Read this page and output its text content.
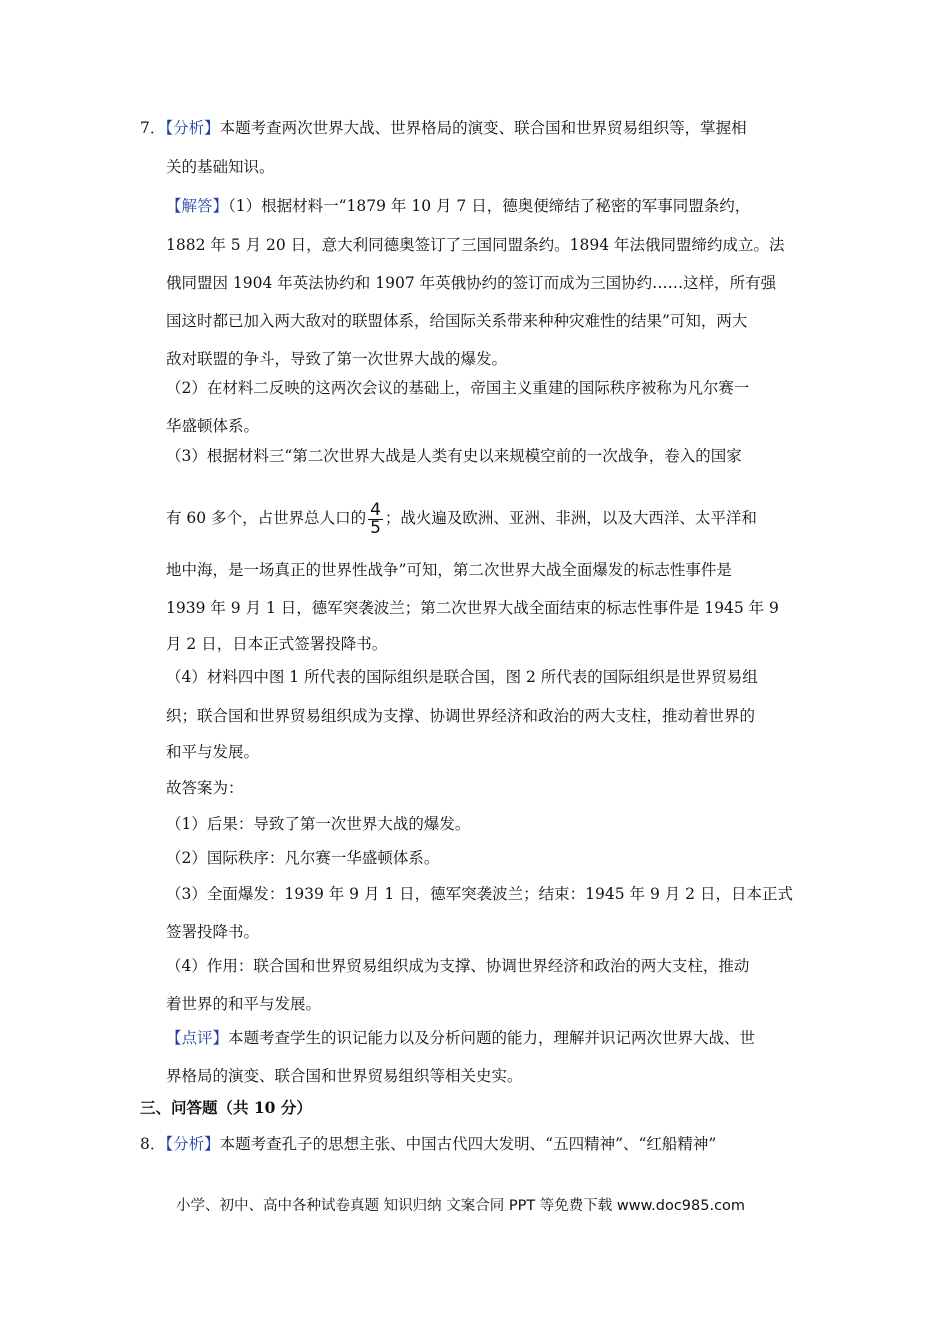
7．【分析】本题考查两次世界大战、世界格局的演变、联合国和世界贸易组织等，掌握相
关的基础知识。
【解答】（1）根据材料一“1879 年 10 月 7 日，德奥便缔结了秘密的军事同盟条约，
1882 年 5 月 20 日，意大利同德奥签订了三国同盟条约。1894 年法俄同盟缔约成立。法
俄同盟因 1904 年英法协约和 1907 年英俄协约的签订而成为三国协约……这样，所有强
国这时都已加入两大敌对的联盟体系，给国际关系带来种种灾难性的结果”可知，两大
敌对联盟的争斗，导致了第一次世界大战的爆发。
（2）在材料二反映的这两次会议的基础上，帝国主义重建的国际秩序被称为凡尔赛一
华盛顿体系。
（3）根据材料三“第二次世界大战是人类有史以来规模空前的一次战争，卷入的国家
有 60 多个，占世界总人口的 $\frac{4}{5}$ ；战火遍及欧洲、亚洲、非洲，以及大西洋、太平洋和
地中海，是一场真正的世界性战争”可知，第二次世界大战全面爆发的标志性事件是
1939 年 9 月 1 日，德军突袭波兰；第二次世界大战全面结束的标志性事件是 1945 年 9
月 2 日，日本正式签署投降书。
（4）材料四中图 1 所代表的国际组织是联合国，图 2 所代表的国际组织是世界贸易组
织；联合国和世界贸易组织成为支撑、协调世界经济和政治的两大支柱，推动着世界的
和平与发展。
故答案为：
（1）后果：导致了第一次世界大战的爆发。
（2）国际秩序：凡尔赛一华盛顿体系。
（3）全面爆发：1939 年 9 月 1 日，德军突袭波兰；结束：1945 年 9 月 2 日，日本正式
签署投降书。
（4）作用：联合国和世界贸易组织成为支撑、协调世界经济和政治的两大支柱，推动
着世界的和平与发展。
【点评】本题考查学生的识记能力以及分析问题的能力，理解并识记两次世界大战、世
界格局的演变、联合国和世界贸易组织等相关史实。
三、问答题（共 10 分）
8．【分析】本题考查孔子的思想主张、中国古代四大发明、“五四精神”、“红船精神”
小学、初中、高中各种试卷真题 知识归纳 文案合同 PPT 等免费下载 www.doc985.com
